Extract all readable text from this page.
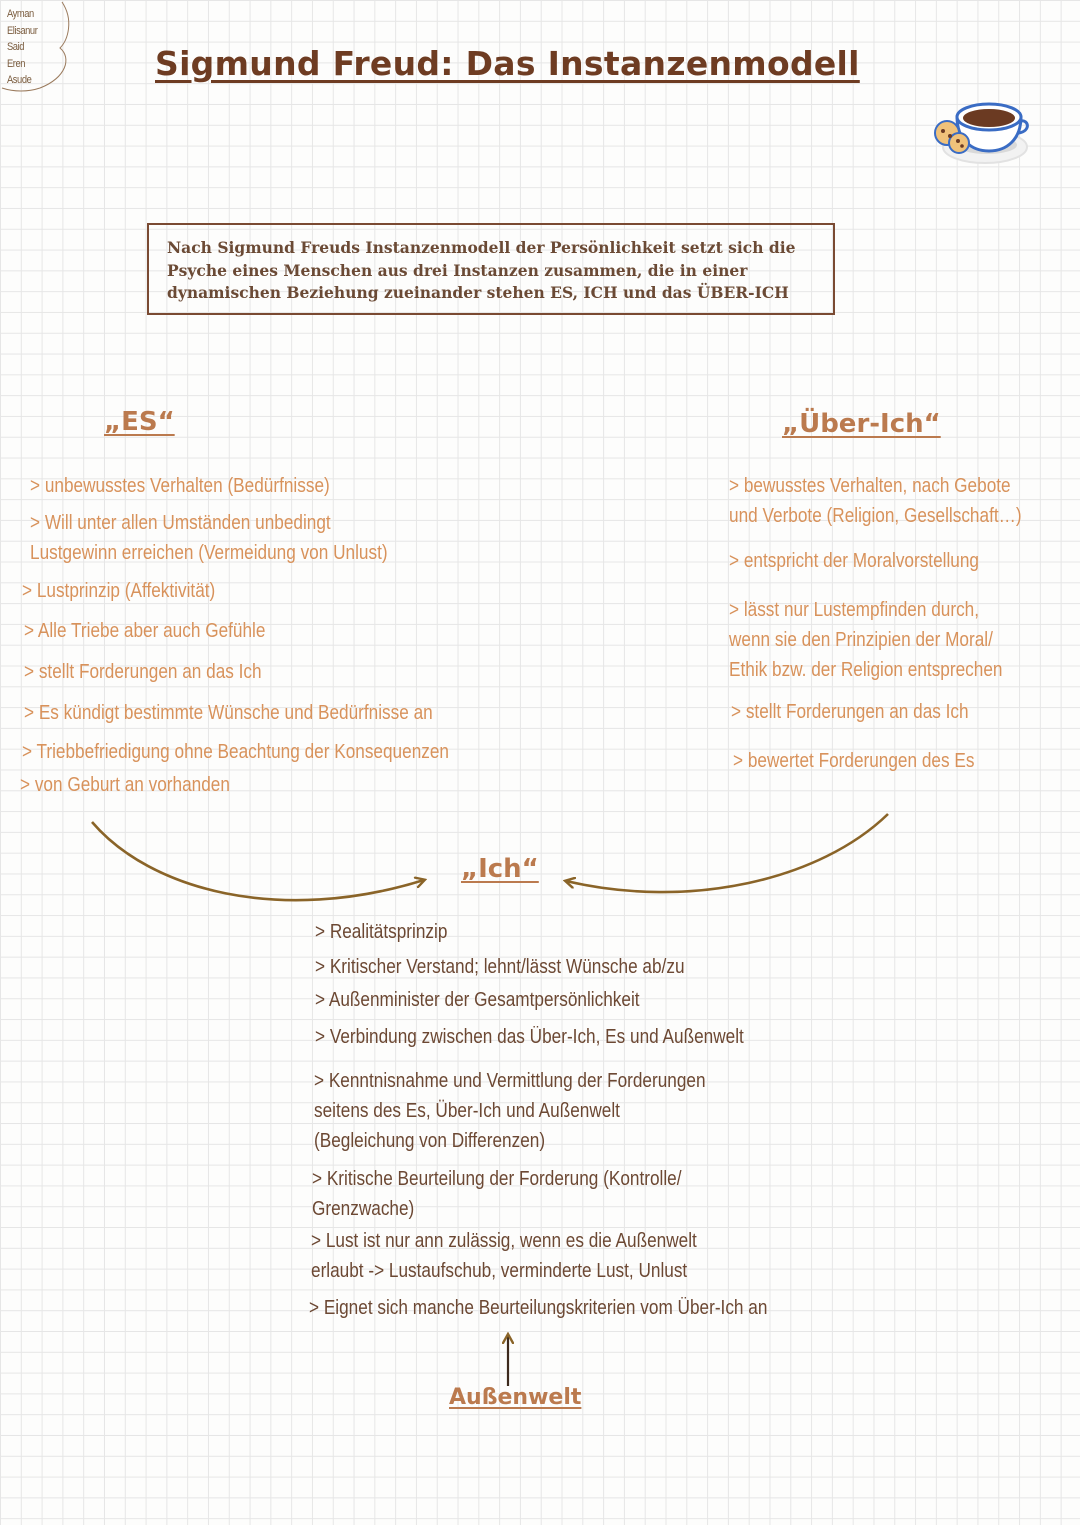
Ayman
Elisanur
Said
Eren
Asude	Sigmund Freud: Das Instanzenmodell
Nach Sigmund Freuds Instanzenmodell der Persönlichkeit setzt sich die
Psyche eines Menschen aus drei Instanzen zusammen, die in einer
dynamischen Beziehung zueinander stehen ES, ICH und das ÜBER-ICH
„ES“
> unbewusstes Verhalten (Bedürfnisse)
> Will unter allen Umständen unbedingt
Lustgewinn erreichen (Vermeidung von Unlust)
> Lustprinzip (Affektivität)
> Alle Triebe aber auch Gefühle
> stellt Forderungen an das Ich
> Es kündigt bestimmte Wünsche und Bedürfnisse an
> Triebbefriedigung ohne Beachtung der Konsequenzen
> von Geburt an vorhanden
„Über-Ich“
> bewusstes Verhalten, nach Gebote
und Verbote (Religion, Gesellschaft…)
> entspricht der Moralvorstellung
> lässt nur Lustempfinden durch,
wenn sie den Prinzipien der Moral/
Ethik bzw. der Religion entsprechen
> stellt Forderungen an das Ich
> bewertet Forderungen des Es
„Ich“
> Realitätsprinzip
> Kritischer Verstand; lehnt/lässt Wünsche ab/zu
> Außenminister der Gesamtpersönlichkeit
> Verbindung zwischen das Über-Ich, Es und Außenwelt
> Kenntnisnahme und Vermittlung der Forderungen
seitens des Es, Über-Ich und Außenwelt
(Begleichung von Differenzen)
> Kritische Beurteilung der Forderung (Kontrolle/
Grenzwache)
> Lust ist nur ann zulässig, wenn es die Außenwelt
erlaubt -> Lustaufschub, verminderte Lust, Unlust
> Eignet sich manche Beurteilungskriterien vom Über-Ich an
Außenwelt
